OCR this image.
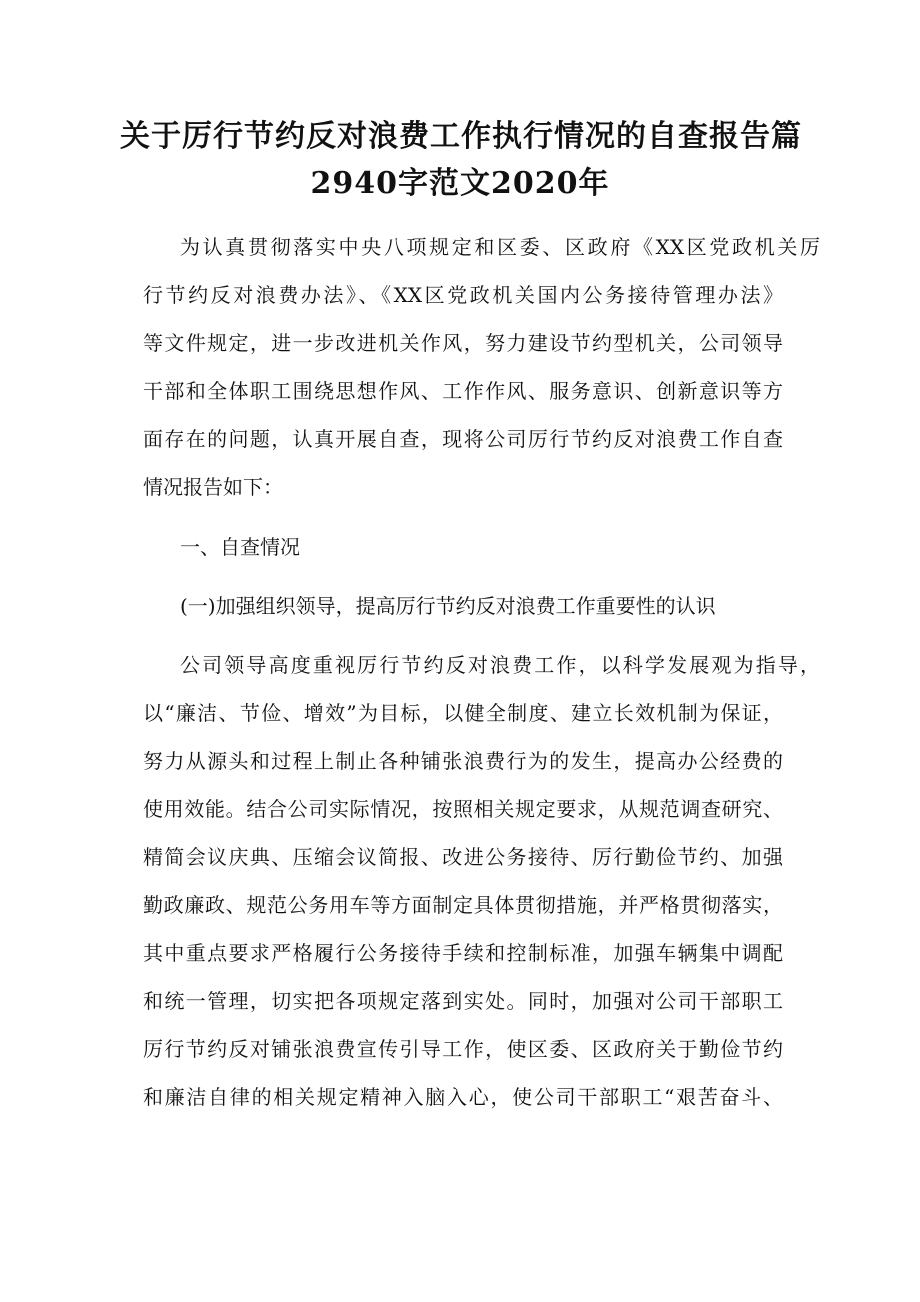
关于厉行节约反对浪费工作执行情况的自查报告篇
2940字范文2020年
为认真贯彻落实中央八项规定和区委、区政府《XX区党政机关厉
行节约反对浪费办法》、《XX区党政机关国内公务接待管理办法》
等文件规定，进一步改进机关作风，努力建设节约型机关，公司领导
干部和全体职工围绕思想作风、工作作风、服务意识、创新意识等方
面存在的问题，认真开展自查，现将公司厉行节约反对浪费工作自查
情况报告如下：
一、自查情况
(一)加强组织领导，提高厉行节约反对浪费工作重要性的认识
公司领导高度重视厉行节约反对浪费工作，以科学发展观为指导，
以“廉洁、节俭、增效”为目标，以健全制度、建立长效机制为保证，
努力从源头和过程上制止各种铺张浪费行为的发生，提高办公经费的
使用效能。结合公司实际情况，按照相关规定要求，从规范调查研究、
精简会议庆典、压缩会议简报、改进公务接待、厉行勤俭节约、加强
勤政廉政、规范公务用车等方面制定具体贯彻措施，并严格贯彻落实，
其中重点要求严格履行公务接待手续和控制标准，加强车辆集中调配
和统一管理，切实把各项规定落到实处。同时，加强对公司干部职工
厉行节约反对铺张浪费宣传引导工作，使区委、区政府关于勤俭节约
和廉洁自律的相关规定精神入脑入心，使公司干部职工“艰苦奋斗、
